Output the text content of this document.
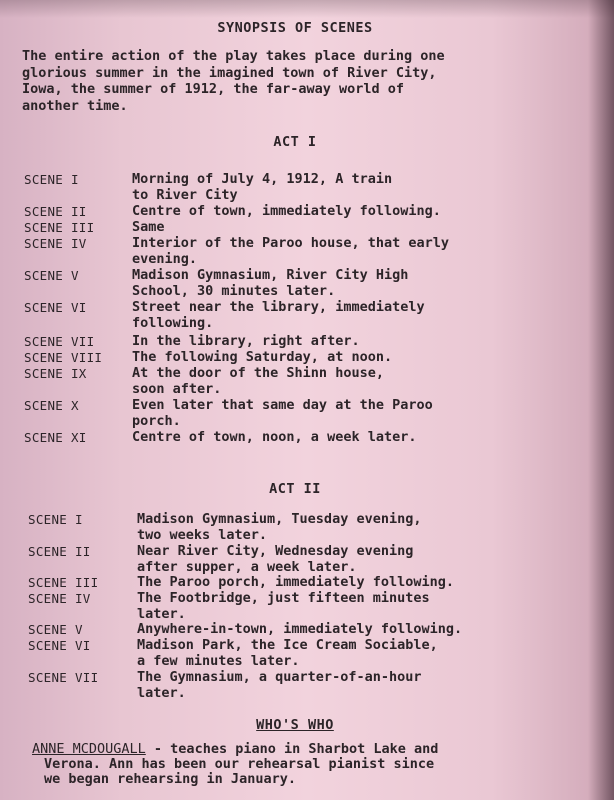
SYNOPSIS OF SCENES
The entire action of the play takes place during one
glorious summer in the imagined town of River City,
Iowa, the summer of 1912, the far-away world of
another time.
ACT I
SCENE I	Morning of July 4, 1912, A train
to River City
SCENE II	Centre of town, immediately following.
SCENE III	Same
SCENE IV	Interior of the Paroo house, that early
evening.
SCENE V	Madison Gymnasium, River City High
School, 30 minutes later.
SCENE VI	Street near the library, immediately
following.
SCENE VII	In the library, right after.
SCENE VIII The following Saturday, at noon.
SCENE IX	At the door of the Shinn house,
soon after.
SCENE X	Even later that same day at the Paroo
porch.
SCENE XI	Centre of town, noon, a week later.
ACT II
SCENE I	Madison Gymnasium, Tuesday evening,
two weeks later.
SCENE II	Near River City, Wednesday evening
after supper, a week later.
SCENE III	The Paroo porch, immediately following.
SCENE IV	The Footbridge, just fifteen minutes
later.
SCENE V	Anywhere-in-town, immediately following.
SCENE VI	Madison Park, the Ice Cream Sociable,
a few minutes later.
SCENE VII	The Gymnasium, a quarter-of-an-hour
later.
WHO'S WHO
ANNE MCDOUGALL - teaches piano in Sharbot Lake and
Verona. Ann has been our rehearsal pianist since
we began rehearsing in January.
